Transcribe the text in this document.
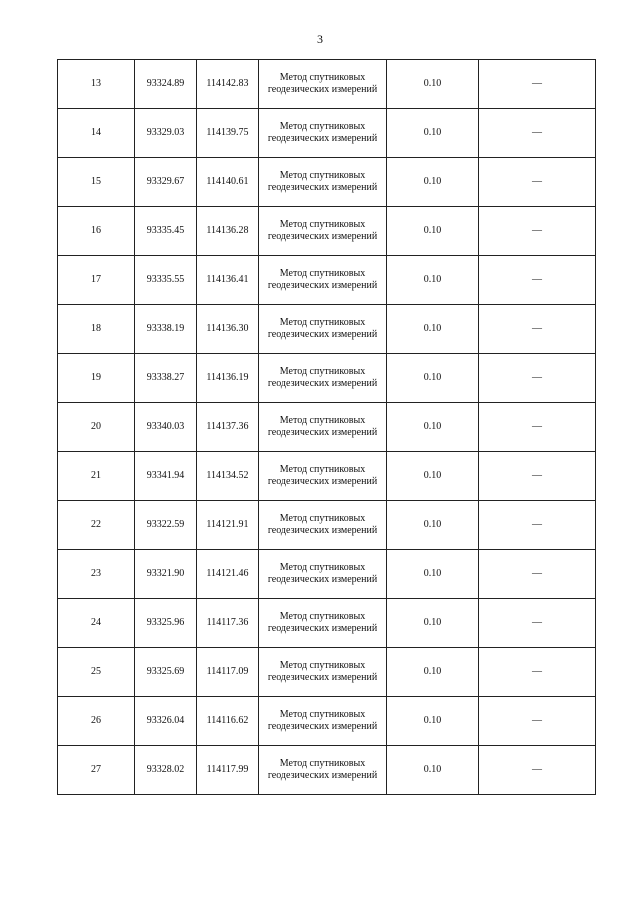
3
13	93324.89	114142.83	Метод спутниковых
геодезических измерений	0.10	—
14	93329.03	114139.75	Метод спутниковых
геодезических измерений	0.10	—
15	93329.67	114140.61	Метод спутниковых
геодезических измерений	0.10	—
16	93335.45	114136.28	Метод спутниковых
геодезических измерений	0.10	—
17	93335.55	114136.41	Метод спутниковых
геодезических измерений	0.10	—
18	93338.19	114136.30	Метод спутниковых
геодезических измерений	0.10	—
19	93338.27	114136.19	Метод спутниковых
геодезических измерений	0.10	—
20	93340.03	114137.36	Метод спутниковых
геодезических измерений	0.10	—
21	93341.94	114134.52	Метод спутниковых
геодезических измерений	0.10	—
22	93322.59	114121.91	Метод спутниковых
геодезических измерений	0.10	—
23	93321.90	114121.46	Метод спутниковых
геодезических измерений	0.10	—
24	93325.96	114117.36	Метод спутниковых
геодезических измерений	0.10	—
25	93325.69	114117.09	Метод спутниковых
геодезических измерений	0.10	—
26	93326.04	114116.62	Метод спутниковых
геодезических измерений	0.10	—
27	93328.02	114117.99	Метод спутниковых
геодезических измерений	0.10	—
